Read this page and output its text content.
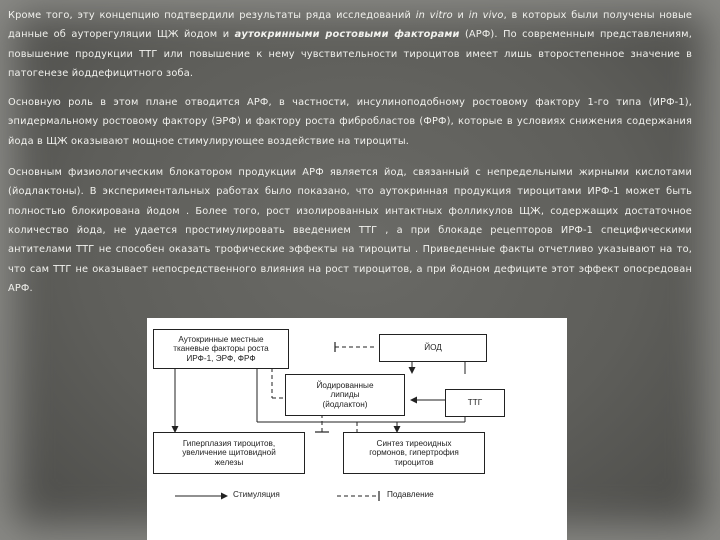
Кроме того, эту концепцию подтвердили результаты ряда исследований in vitro и in vivo, в которых были получены новые данные об ауторегуляции ЩЖ йодом и аутокринными ростовыми факторами (АРФ). По современным представлениям, повышение продукции ТТГ или повышение к нему чувствительности тироцитов имеет лишь второстепенное значение в патогенезе йоддефицитного зоба.

Основную роль в этом плане отводится АРФ, в частности, инсулиноподобному ростовому фактору 1-го типа (ИРФ-1), эпидермальному ростовому фактору (ЭРФ) и фактору роста фибробластов (ФРФ), которые в условиях снижения содержания йода в ЩЖ оказывают мощное стимулирующее воздействие на тироциты.

Основным физиологическим блокатором продукции АРФ является йод, связанный с непредельными жирными кислотами (йодлактоны). В экспериментальных работах было показано, что аутокринная продукция тироцитами ИРФ-1 может быть полностью блокирована йодом . Более того, рост изолированных интактных фолликулов ЩЖ, содержащих достаточное количество йода, не удается простимулировать введением ТТГ , а при блокаде рецепторов ИРФ-1 специфическими антителами ТТГ не способен оказать трофические эффекты на тироциты . Приведенные факты отчетливо указывают на то, что сам ТТГ не оказывает непосредственного влияния на рост тироцитов, а при йодном дефиците этот эффект опосредован АРФ.

Аутокринные местные
тканевые факторы роста
ИРФ-1, ЭРФ, ФРФ
ЙОД
Йодированные
липиды
(йодлактон)	ТТГ
Гиперплазия тироцитов,
увеличение щитовидной
железы
Синтез тиреоидных
гормонов, гипертрофия
тироцитов
Стимуляция	Подавление
